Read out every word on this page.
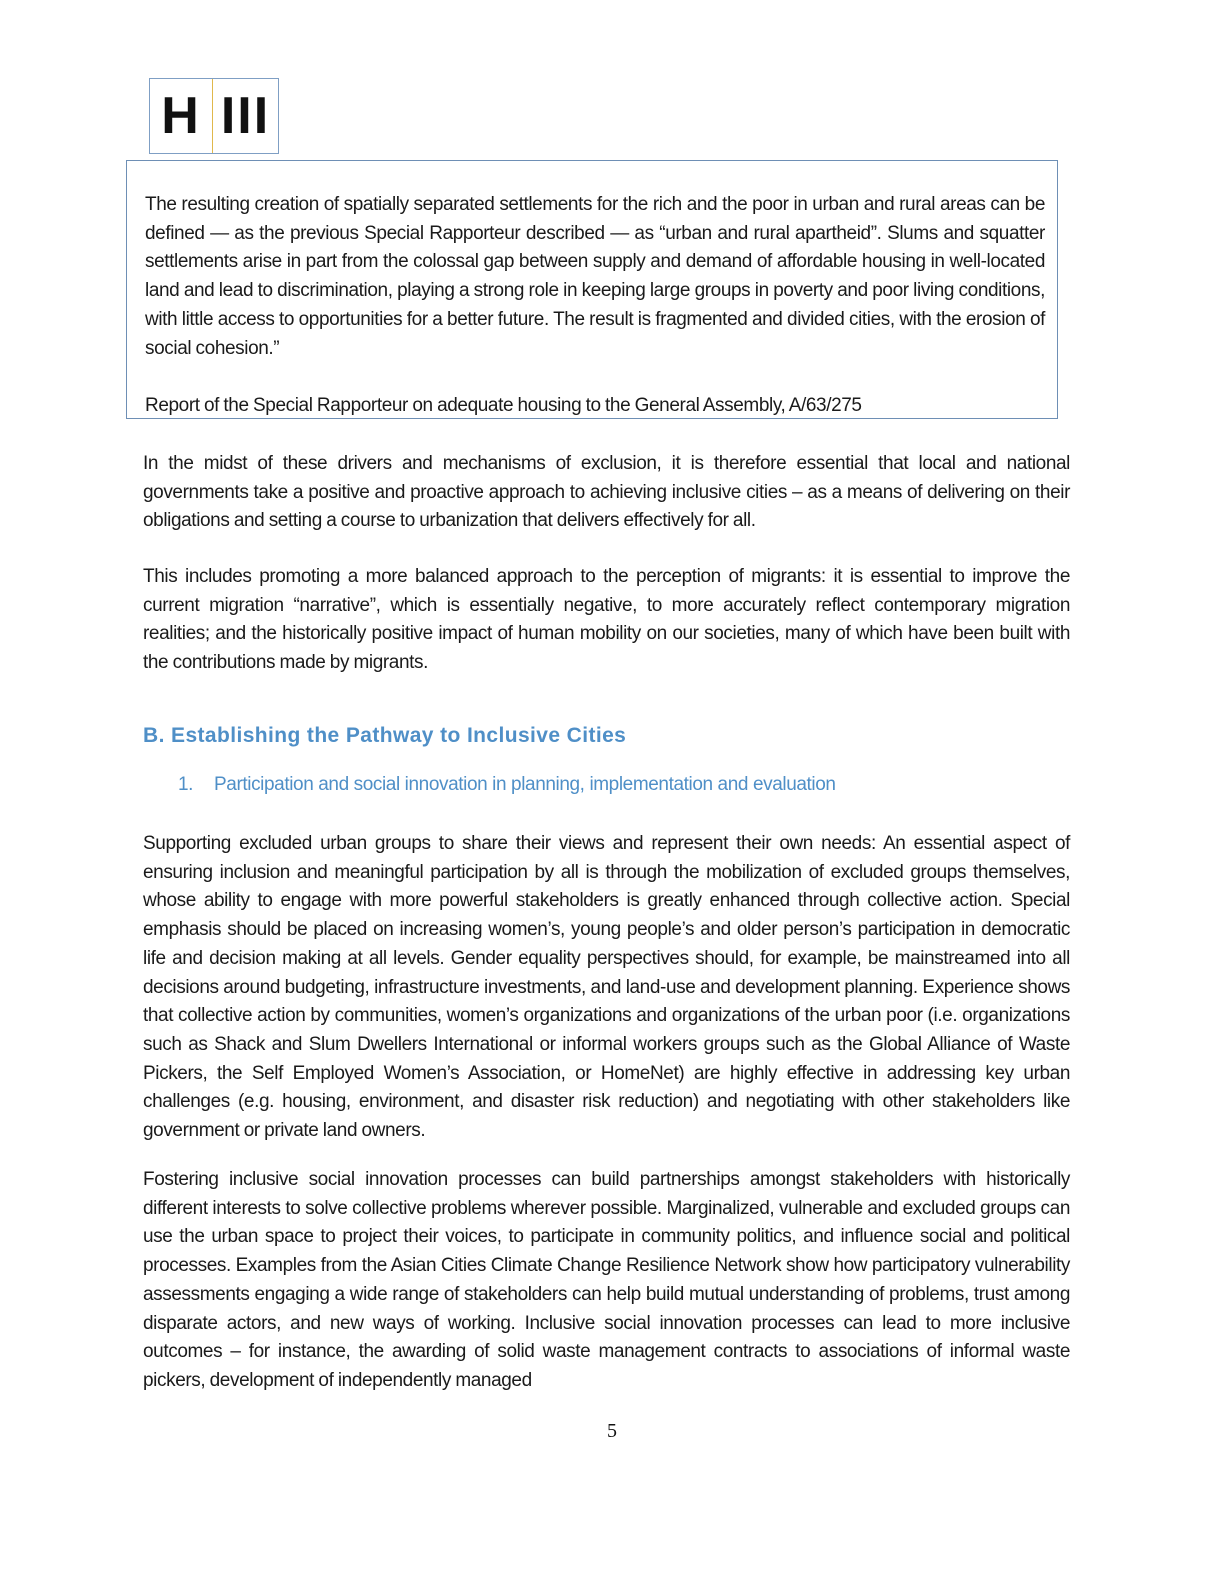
H III

The resulting creation of spatially separated settlements for the rich and the poor in urban and rural areas can be defined — as the previous Special Rapporteur described — as “urban and rural apartheid”. Slums and squatter settlements arise in part from the colossal gap between supply and demand of affordable housing in well-located land and lead to discrimination, playing a strong role in keeping large groups in poverty and poor living conditions, with little access to opportunities for a better future. The result is fragmented and divided cities, with the erosion of social cohesion.”

Report of the Special Rapporteur on adequate housing to the General Assembly, A/63/275

In the midst of these drivers and mechanisms of exclusion, it is therefore essential that local and national governments take a positive and proactive approach to achieving inclusive cities – as a means of delivering on their obligations and setting a course to urbanization that delivers effectively for all.

This includes promoting a more balanced approach to the perception of migrants: it is essential to improve the current migration “narrative”, which is essentially negative, to more accurately reflect contemporary migration realities; and the historically positive impact of human mobility on our societies, many of which have been built with the contributions made by migrants.

B. Establishing the Pathway to Inclusive Cities

1. Participation and social innovation in planning, implementation and evaluation

Supporting excluded urban groups to share their views and represent their own needs: An essential aspect of ensuring inclusion and meaningful participation by all is through the mobilization of excluded groups themselves, whose ability to engage with more powerful stakeholders is greatly enhanced through collective action. Special emphasis should be placed on increasing women’s, young people’s and older person’s participation in democratic life and decision making at all levels. Gender equality perspectives should, for example, be mainstreamed into all decisions around budgeting, infrastructure investments, and land-use and development planning. Experience shows that collective action by communities, women’s organizations and organizations of the urban poor (i.e. organizations such as Shack and Slum Dwellers International or informal workers groups such as the Global Alliance of Waste Pickers, the Self Employed Women’s Association, or HomeNet) are highly effective in addressing key urban challenges (e.g. housing, environment, and disaster risk reduction) and negotiating with other stakeholders like government or private land owners.

Fostering inclusive social innovation processes can build partnerships amongst stakeholders with historically different interests to solve collective problems wherever possible. Marginalized, vulnerable and excluded groups can use the urban space to project their voices, to participate in community politics, and influence social and political processes. Examples from the Asian Cities Climate Change Resilience Network show how participatory vulnerability assessments engaging a wide range of stakeholders can help build mutual understanding of problems, trust among disparate actors, and new ways of working. Inclusive social innovation processes can lead to more inclusive outcomes – for instance, the awarding of solid waste management contracts to associations of informal waste pickers, development of independently managed

5
